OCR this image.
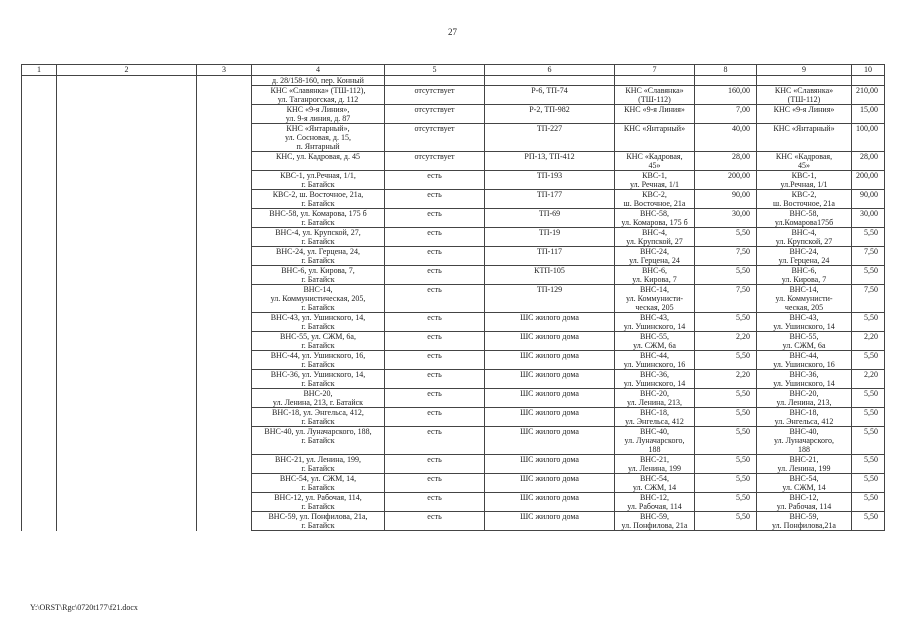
27
1	2	3	4	5	6	7	8	9	10
			д. 28/158-160, пер. Конный						
			КНС «Славянка» (ТШ-112),
ул. Таганрогская, д. 112	отсутствует	Р-6, ТП-74	КНС «Славянка»
(ТШ-112)	160,00	КНС «Славянка»
(ТШ-112)	210,00
			КНС «9-я Линия»,
ул. 9-я линия, д. 87	отсутствует	Р-2, ТП-982	КНС «9-я Линия»	7,00	КНС «9-я Линия»	15,00
			КНС «Янтарный»,
ул. Сосновая, д. 15,
п. Янтарный	отсутствует	ТП-227	КНС «Янтарный»	40,00	КНС «Янтарный»	100,00
			КНС, ул. Кадровая, д. 45	отсутствует	РП-13, ТП-412	КНС «Кадровая,
45»	28,00	КНС «Кадровая,
45»	28,00
			КВС-1, ул.Речная, 1/1,
г. Батайск	есть	ТП-193	КВС-1,
ул. Речная, 1/1	200,00	КВС-1,
ул.Речная, 1/1	200,00
			КВС-2, ш. Восточное, 21а,
г. Батайск	есть	ТП-177	КВС-2,
ш. Восточное, 21а	90,00	КВС-2,
ш. Восточное, 21а	90,00
			ВНС-58, ул. Комарова, 175 б
г. Батайск	есть	ТП-69	ВНС-58,
ул. Комарова, 175 б	30,00	ВНС-58,
ул.Комарова175б	30,00
			ВНС-4, ул. Крупской, 27,
г. Батайск	есть	ТП-19	ВНС-4,
ул. Крупской, 27	5,50	ВНС-4,
ул. Крупской, 27	5,50
			ВНС-24, ул. Герцена, 24,
г. Батайск	есть	ТП-117	ВНС-24,
ул. Герцена, 24	7,50	ВНС-24,
ул. Герцена, 24	7,50
			ВНС-6, ул. Кирова, 7,
г. Батайск	есть	КТП-105	ВНС-6,
ул. Кирова, 7	5,50	ВНС-6,
ул. Кирова, 7	5,50
			ВНС-14,
ул. Коммунистическая, 205,
г. Батайск	есть	ТП-129	ВНС-14,
ул. Коммунисти-
ческая, 205	7,50	ВНС-14,
ул. Коммунисти-
ческая, 205	7,50
			ВНС-43, ул. Ушинского, 14,
г. Батайск	есть	ШС жилого дома	ВНС-43,
ул. Ушинского, 14	5,50	ВНС-43,
ул. Ушинского, 14	5,50
			ВНС-55, ул. СЖМ, 6а,
г. Батайск	есть	ШС жилого дома	ВНС-55,
ул. СЖМ, 6а	2,20	ВНС-55,
ул. СЖМ, 6а	2,20
			ВНС-44, ул. Ушинского, 16,
г. Батайск	есть	ШС жилого дома	ВНС-44,
ул. Ушинского, 16	5,50	ВНС-44,
ул. Ушинского, 16	5,50
			ВНС-36, ул. Ушинского, 14,
г. Батайск	есть	ШС жилого дома	ВНС-36,
ул. Ушинского, 14	2,20	ВНС-36,
ул. Ушинского, 14	2,20
			ВНС-20,
ул. Ленина, 213, г. Батайск	есть	ШС жилого дома	ВНС-20,
ул. Ленина, 213,	5,50	ВНС-20,
ул. Ленина, 213,	5,50
			ВНС-18, ул. Энгельса, 412,
г. Батайск	есть	ШС жилого дома	ВНС-18,
ул. Энгельса, 412	5,50	ВНС-18,
ул. Энгельса, 412	5,50
			ВНС-40, ул. Луначарского, 188,
г. Батайск	есть	ШС жилого дома	ВНС-40,
ул. Луначарского,
188	5,50	ВНС-40,
ул. Луначарского,
188	5,50
			ВНС-21, ул. Ленина, 199,
г. Батайск	есть	ШС жилого дома	ВНС-21,
ул. Ленина, 199	5,50	ВНС-21,
ул. Ленина, 199	5,50
			ВНС-54, ул. СЖМ, 14,
г. Батайск	есть	ШС жилого дома	ВНС-54,
ул. СЖМ, 14	5,50	ВНС-54,
ул. СЖМ, 14	5,50
			ВНС-12, ул. Рабочая, 114,
г. Батайск	есть	ШС жилого дома	ВНС-12,
ул. Рабочая, 114	5,50	ВНС-12,
ул. Рабочая, 114	5,50
			ВНС-59, ул. Понфилова, 21а,
г. Батайск	есть	ШС жилого дома	ВНС-59,
ул. Понфилова, 21а	5,50	ВНС-59,
ул. Понфилова,21а	5,50
Y:\ORST\Rgc\0720t177\f21.docx
